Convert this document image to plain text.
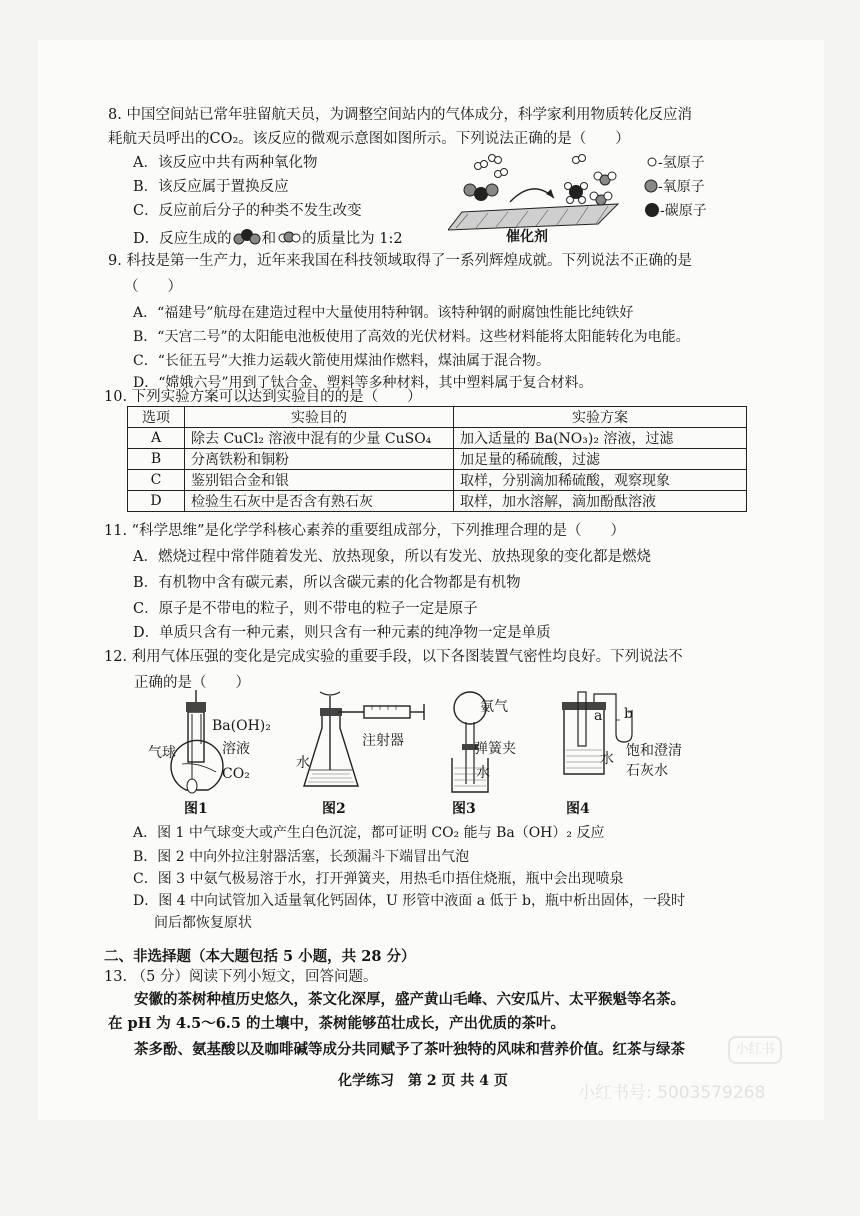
8. 中国空间站已常年驻留航天员，为调整空间站内的气体成分，科学家利用物质转化反应消
耗航天员呼出的CO₂。该反应的微观示意图如图所示。下列说法正确的是（　　）
A．该反应中共有两种氧化物
B．该反应属于置换反应
C．反应前后分子的种类不发生改变
D．反应生成的 和 的质量比为 1:2	催化剂
-氢原子
-氧原子
-碳原子
9. 科技是第一生产力，近年来我国在科技领域取得了一系列辉煌成就。下列说法不正确的是
（　　）
A．“福建号”航母在建造过程中大量使用特种钢。该特种钢的耐腐蚀性能比纯铁好
B．“天宫二号”的太阳能电池板使用了高效的光伏材料。这些材料能将太阳能转化为电能。
C．“长征五号”大推力运载火箭使用煤油作燃料，煤油属于混合物。
D．“嫦娥六号”用到了钛合金、塑料等多种材料，其中塑料属于复合材料。
10. 下列实验方案可以达到实验目的的是（　　）
选项	实验目的	实验方案
A	除去 CuCl₂ 溶液中混有的少量 CuSO₄	加入适量的 Ba(NO₃)₂ 溶液，过滤
B	分离铁粉和铜粉	加足量的稀硫酸，过滤
C	鉴别铝合金和银	取样，分别滴加稀硫酸，观察现象
D	检验生石灰中是否含有熟石灰	取样，加水溶解，滴加酚酞溶液
11. “科学思维”是化学学科核心素养的重要组成部分，下列推理合理的是（　　）
A．燃烧过程中常伴随着发光、放热现象，所以有发光、放热现象的变化都是燃烧
B．有机物中含有碳元素，所以含碳元素的化合物都是有机物
C．原子是不带电的粒子，则不带电的粒子一定是原子
D．单质只含有一种元素，则只含有一种元素的纯净物一定是单质
12. 利用气体压强的变化是完成实验的重要手段，以下各图装置气密性均良好。下列说法不
正确的是（　　）
Ba(OH)₂
溶液
气球
CO₂
图1
注射器
水
图2
氨气
弹簧夹
水
图3
a b
水 饱和澄清
石灰水
图4
A．图 1 中气球变大或产生白色沉淀，都可证明 CO₂ 能与 Ba（OH）₂ 反应
B．图 2 中向外拉注射器活塞，长颈漏斗下端冒出气泡
C．图 3 中氨气极易溶于水，打开弹簧夹，用热毛巾捂住烧瓶，瓶中会出现喷泉
D．图 4 中向试管加入适量氧化钙固体，U 形管中液面 a 低于 b，瓶中析出固体，一段时
间后都恢复原状
二、非选择题（本大题包括 5 小题，共 28 分）
13. （5 分）阅读下列小短文，回答问题。
安徽的茶树种植历史悠久，茶文化深厚，盛产黄山毛峰、六安瓜片、太平猴魁等名茶。
在 pH 为 4.5～6.5 的土壤中，茶树能够茁壮成长，产出优质的茶叶。
茶多酚、氨基酸以及咖啡碱等成分共同赋予了茶叶独特的风味和营养价值。红茶与绿茶
化学练习　第 2 页 共 4 页
小红书
小红书号: 5003579268
